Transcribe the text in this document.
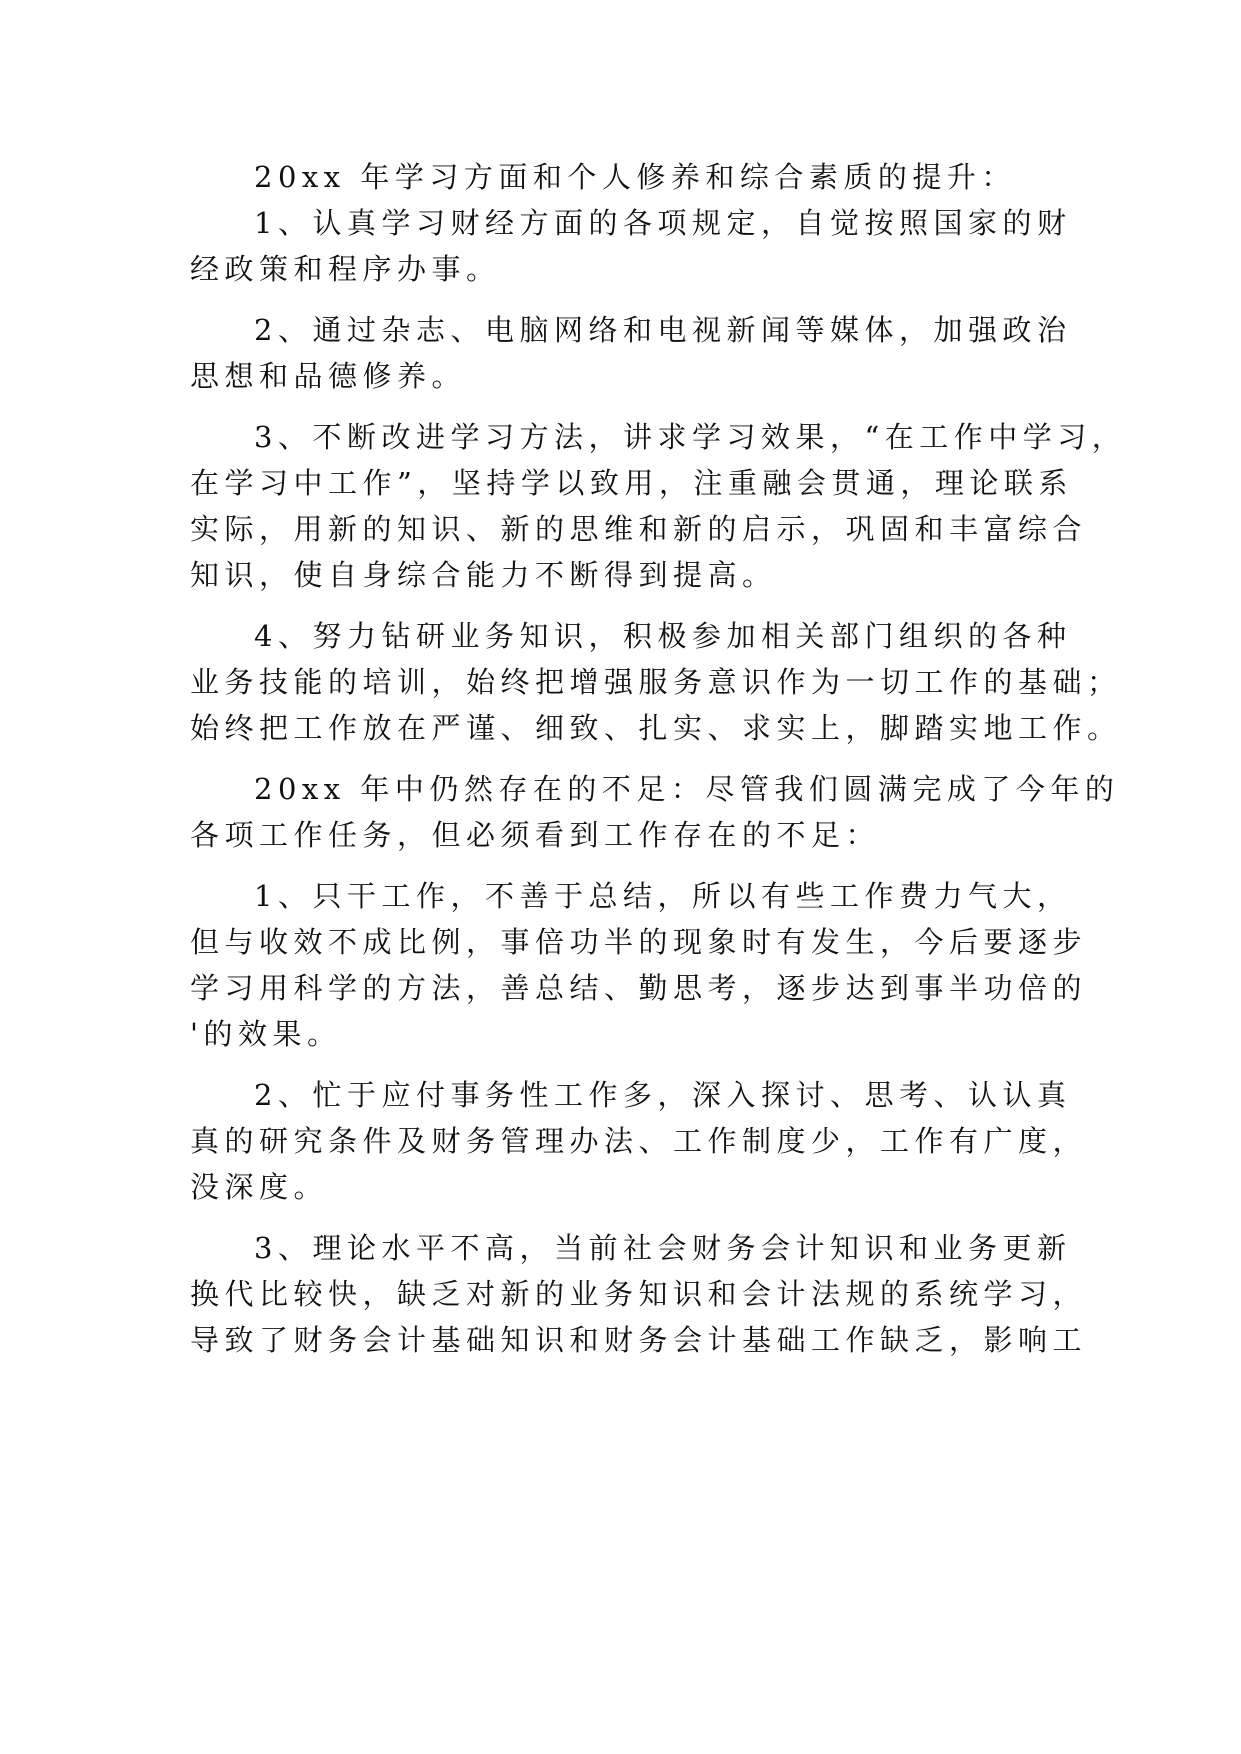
20xx 年学习方面和个人修养和综合素质的提升：
1、认真学习财经方面的各项规定，自觉按照国家的财
经政策和程序办事。
2、通过杂志、电脑网络和电视新闻等媒体，加强政治
思想和品德修养。
3、不断改进学习方法，讲求学习效果，“在工作中学习，
在学习中工作”，坚持学以致用，注重融会贯通，理论联系
实际，用新的知识、新的思维和新的启示，巩固和丰富综合
知识，使自身综合能力不断得到提高。
4、努力钻研业务知识，积极参加相关部门组织的各种
业务技能的培训，始终把增强服务意识作为一切工作的基础；
始终把工作放在严谨、细致、扎实、求实上，脚踏实地工作。
20xx 年中仍然存在的不足：尽管我们圆满完成了今年的
各项工作任务，但必须看到工作存在的不足：
1、只干工作，不善于总结，所以有些工作费力气大，
但与收效不成比例，事倍功半的现象时有发生，今后要逐步
学习用科学的方法，善总结、勤思考，逐步达到事半功倍的
'的效果。
2、忙于应付事务性工作多，深入探讨、思考、认认真
真的研究条件及财务管理办法、工作制度少，工作有广度，
没深度。
3、理论水平不高，当前社会财务会计知识和业务更新
换代比较快，缺乏对新的业务知识和会计法规的系统学习，
导致了财务会计基础知识和财务会计基础工作缺乏，影响工
